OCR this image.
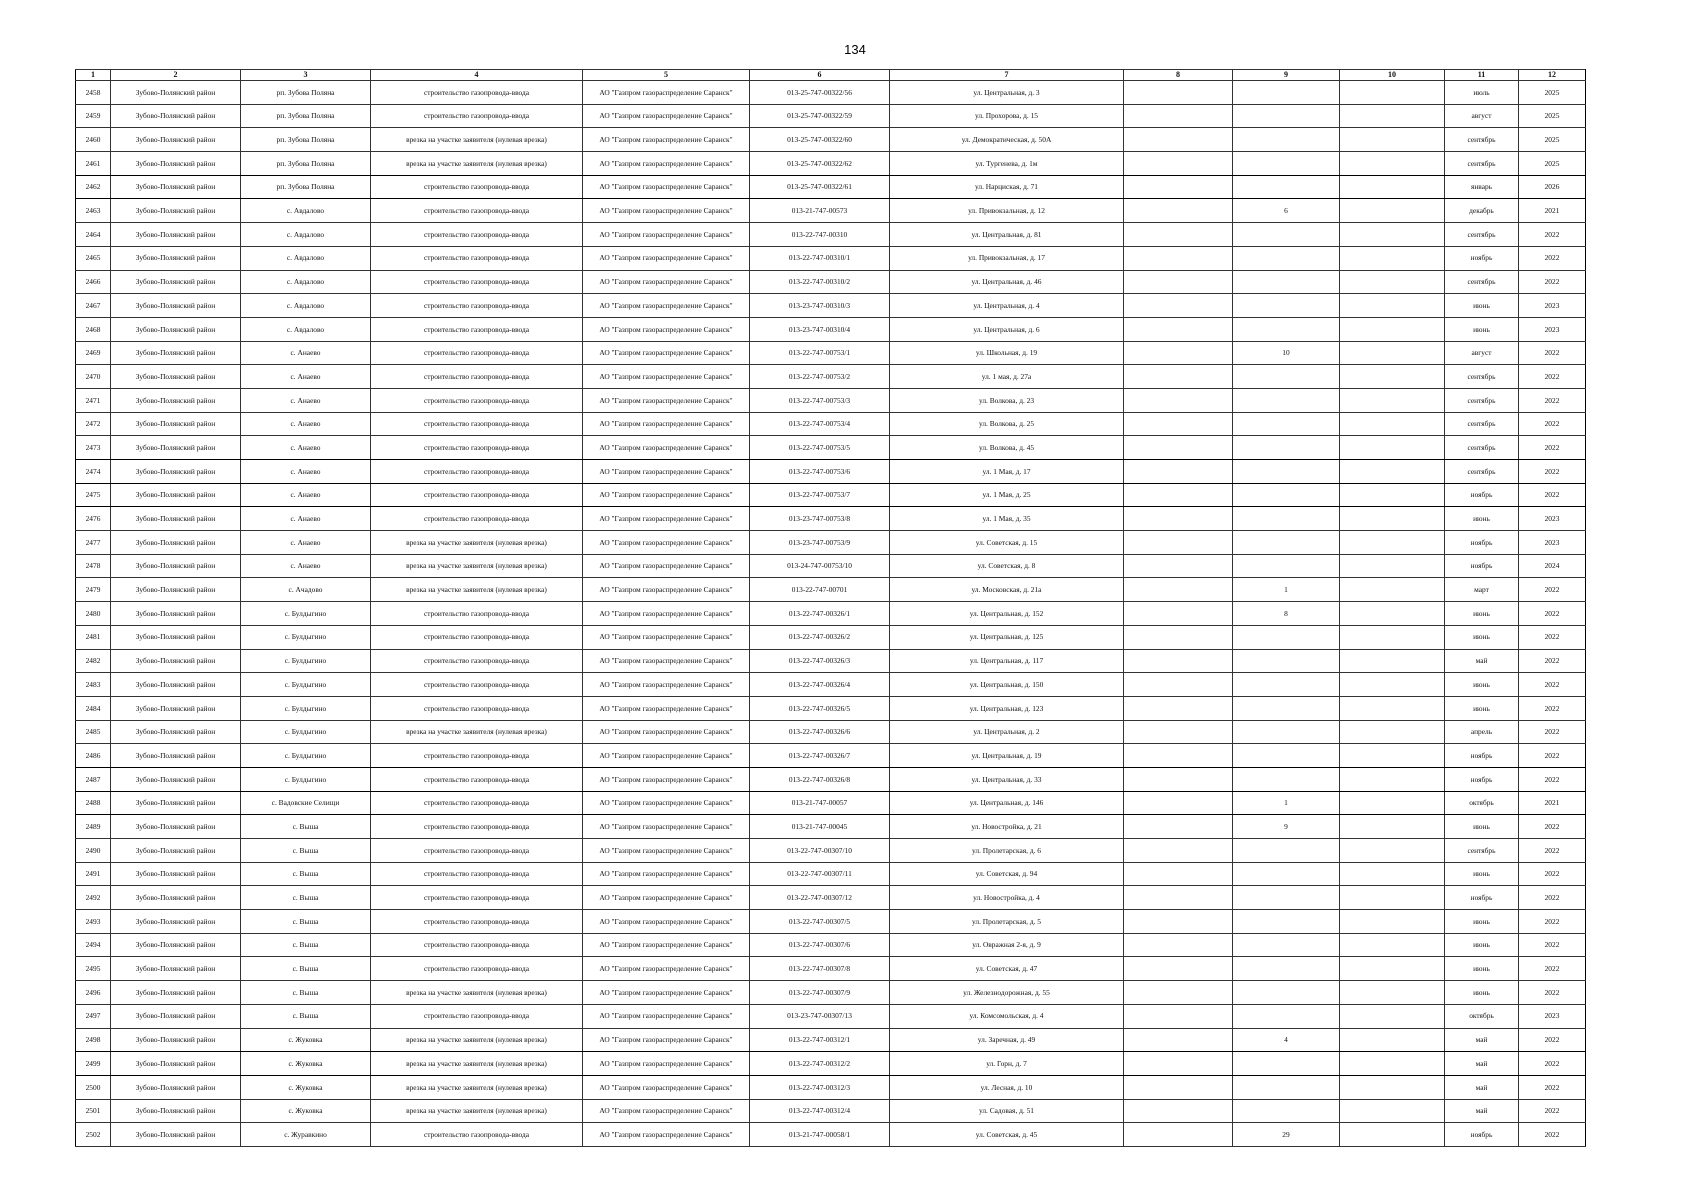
134
1	2	3	4	5	6	7	8	9	10	11	12
2458	Зубово-Полянский район	рп. Зубова Поляна	строительство газопровода-ввода	АО "Газпром газораспределение Саранск"	013-25-747-00322/56	ул. Центральная, д. 3				июль	2025
2459	Зубово-Полянский район	рп. Зубова Поляна	строительство газопровода-ввода	АО "Газпром газораспределение Саранск"	013-25-747-00322/59	ул. Прохорова, д. 15				август	2025
2460	Зубово-Полянский район	рп. Зубова Поляна	врезка на участке заявителя (нулевая врезка)	АО "Газпром газораспределение Саранск"	013-25-747-00322/60	ул. Демократическая, д. 50А				сентябрь	2025
2461	Зубово-Полянский район	рп. Зубова Поляна	врезка на участке заявителя (нулевая врезка)	АО "Газпром газораспределение Саранск"	013-25-747-00322/62	ул. Тургенева, д. 1м				сентябрь	2025
2462	Зубово-Полянский район	рп. Зубова Поляна	строительство газопровода-ввода	АО "Газпром газораспределение Саранск"	013-25-747-00322/61	ул. Нарциская, д. 71				январь	2026
2463	Зубово-Полянский район	с. Авдалово	строительство газопровода-ввода	АО "Газпром газораспределение Саранск"	013-21-747-00573	ул. Привокзальная, д. 12		6		декабрь	2021
2464	Зубово-Полянский район	с. Авдалово	строительство газопровода-ввода	АО "Газпром газораспределение Саранск"	013-22-747-00310	ул. Центральная, д. 81				сентябрь	2022
2465	Зубово-Полянский район	с. Авдалово	строительство газопровода-ввода	АО "Газпром газораспределение Саранск"	013-22-747-00310/1	ул. Привокзальная, д. 17				ноябрь	2022
2466	Зубово-Полянский район	с. Авдалово	строительство газопровода-ввода	АО "Газпром газораспределение Саранск"	013-22-747-00310/2	ул. Центральная, д. 46				сентябрь	2022
2467	Зубово-Полянский район	с. Авдалово	строительство газопровода-ввода	АО "Газпром газораспределение Саранск"	013-23-747-00310/3	ул. Центральная, д. 4				июнь	2023
2468	Зубово-Полянский район	с. Авдалово	строительство газопровода-ввода	АО "Газпром газораспределение Саранск"	013-23-747-00310/4	ул. Центральная, д. 6				июнь	2023
2469	Зубово-Полянский район	с. Анаево	строительство газопровода-ввода	АО "Газпром газораспределение Саранск"	013-22-747-00753/1	ул. Школьная, д. 19		10		август	2022
2470	Зубово-Полянский район	с. Анаево	строительство газопровода-ввода	АО "Газпром газораспределение Саранск"	013-22-747-00753/2	ул. 1 мая, д. 27а				сентябрь	2022
2471	Зубово-Полянский район	с. Анаево	строительство газопровода-ввода	АО "Газпром газораспределение Саранск"	013-22-747-00753/3	ул. Волкова, д. 23				сентябрь	2022
2472	Зубово-Полянский район	с. Анаево	строительство газопровода-ввода	АО "Газпром газораспределение Саранск"	013-22-747-00753/4	ул. Волкова, д. 25				сентябрь	2022
2473	Зубово-Полянский район	с. Анаево	строительство газопровода-ввода	АО "Газпром газораспределение Саранск"	013-22-747-00753/5	ул. Волкова, д. 45				сентябрь	2022
2474	Зубово-Полянский район	с. Анаево	строительство газопровода-ввода	АО "Газпром газораспределение Саранск"	013-22-747-00753/6	ул. 1 Мая, д. 17				сентябрь	2022
2475	Зубово-Полянский район	с. Анаево	строительство газопровода-ввода	АО "Газпром газораспределение Саранск"	013-22-747-00753/7	ул. 1 Мая, д. 25				ноябрь	2022
2476	Зубово-Полянский район	с. Анаево	строительство газопровода-ввода	АО "Газпром газораспределение Саранск"	013-23-747-00753/8	ул. 1 Мая, д. 35				июнь	2023
2477	Зубово-Полянский район	с. Анаево	врезка на участке заявителя (нулевая врезка)	АО "Газпром газораспределение Саранск"	013-23-747-00753/9	ул. Советская, д. 15				ноябрь	2023
2478	Зубово-Полянский район	с. Анаево	врезка на участке заявителя (нулевая врезка)	АО "Газпром газораспределение Саранск"	013-24-747-00753/10	ул. Советская, д. 8				ноябрь	2024
2479	Зубово-Полянский район	с. Ачадово	врезка на участке заявителя (нулевая врезка)	АО "Газпром газораспределение Саранск"	013-22-747-00701	ул. Московская, д. 21а		1		март	2022
2480	Зубово-Полянский район	с. Булдыгино	строительство газопровода-ввода	АО "Газпром газораспределение Саранск"	013-22-747-00326/1	ул. Центральная, д. 152		8		июнь	2022
2481	Зубово-Полянский район	с. Булдыгино	строительство газопровода-ввода	АО "Газпром газораспределение Саранск"	013-22-747-00326/2	ул. Центральная, д. 125				июнь	2022
2482	Зубово-Полянский район	с. Булдыгино	строительство газопровода-ввода	АО "Газпром газораспределение Саранск"	013-22-747-00326/3	ул. Центральная, д. 117				май	2022
2483	Зубово-Полянский район	с. Булдыгино	строительство газопровода-ввода	АО "Газпром газораспределение Саранск"	013-22-747-00326/4	ул. Центральная, д. 150				июнь	2022
2484	Зубово-Полянский район	с. Булдыгино	строительство газопровода-ввода	АО "Газпром газораспределение Саранск"	013-22-747-00326/5	ул. Центральная, д. 123				июнь	2022
2485	Зубово-Полянский район	с. Булдыгино	врезка на участке заявителя (нулевая врезка)	АО "Газпром газораспределение Саранск"	013-22-747-00326/6	ул. Центральная, д. 2				апрель	2022
2486	Зубово-Полянский район	с. Булдыгино	строительство газопровода-ввода	АО "Газпром газораспределение Саранск"	013-22-747-00326/7	ул. Центральная, д. 19				ноябрь	2022
2487	Зубово-Полянский район	с. Булдыгино	строительство газопровода-ввода	АО "Газпром газораспределение Саранск"	013-22-747-00326/8	ул. Центральная, д. 33				ноябрь	2022
2488	Зубово-Полянский район	с. Вадовские Селищи	строительство газопровода-ввода	АО "Газпром газораспределение Саранск"	013-21-747-00057	ул. Центральная, д. 146		1		октябрь	2021
2489	Зубово-Полянский район	с. Выша	строительство газопровода-ввода	АО "Газпром газораспределение Саранск"	013-21-747-00045	ул. Новостройка, д. 21		9		июнь	2022
2490	Зубово-Полянский район	с. Выша	строительство газопровода-ввода	АО "Газпром газораспределение Саранск"	013-22-747-00307/10	ул. Пролетарская, д. 6				сентябрь	2022
2491	Зубово-Полянский район	с. Выша	строительство газопровода-ввода	АО "Газпром газораспределение Саранск"	013-22-747-00307/11	ул. Советская, д. 94				июнь	2022
2492	Зубово-Полянский район	с. Выша	строительство газопровода-ввода	АО "Газпром газораспределение Саранск"	013-22-747-00307/12	ул. Новостройка, д. 4				ноябрь	2022
2493	Зубово-Полянский район	с. Выша	строительство газопровода-ввода	АО "Газпром газораспределение Саранск"	013-22-747-00307/5	ул. Пролетарская, д. 5				июнь	2022
2494	Зубово-Полянский район	с. Выша	строительство газопровода-ввода	АО "Газпром газораспределение Саранск"	013-22-747-00307/6	ул. Овражная 2-я, д. 9				июнь	2022
2495	Зубово-Полянский район	с. Выша	строительство газопровода-ввода	АО "Газпром газораспределение Саранск"	013-22-747-00307/8	ул. Советская, д. 47				июнь	2022
2496	Зубово-Полянский район	с. Выша	врезка на участке заявителя (нулевая врезка)	АО "Газпром газораспределение Саранск"	013-22-747-00307/9	ул. Железнодорожная, д. 55				июнь	2022
2497	Зубово-Полянский район	с. Выша	строительство газопровода-ввода	АО "Газпром газораспределение Саранск"	013-23-747-00307/13	ул. Комсомольская, д. 4				октябрь	2023
2498	Зубово-Полянский район	с. Жуковка	врезка на участке заявителя (нулевая врезка)	АО "Газпром газораспределение Саранск"	013-22-747-00312/1	ул. Заречная, д. 49		4		май	2022
2499	Зубово-Полянский район	с. Жуковка	врезка на участке заявителя (нулевая врезка)	АО "Газпром газораспределение Саранск"	013-22-747-00312/2	ул. Горн, д. 7				май	2022
2500	Зубово-Полянский район	с. Жуковка	врезка на участке заявителя (нулевая врезка)	АО "Газпром газораспределение Саранск"	013-22-747-00312/3	ул. Лесная, д. 10				май	2022
2501	Зубово-Полянский район	с. Жуковка	врезка на участке заявителя (нулевая врезка)	АО "Газпром газораспределение Саранск"	013-22-747-00312/4	ул. Садовая, д. 51				май	2022
2502	Зубово-Полянский район	с. Журавкино	строительство газопровода-ввода	АО "Газпром газораспределение Саранск"	013-21-747-00058/1	ул. Советская, д. 45		29		ноябрь	2022
